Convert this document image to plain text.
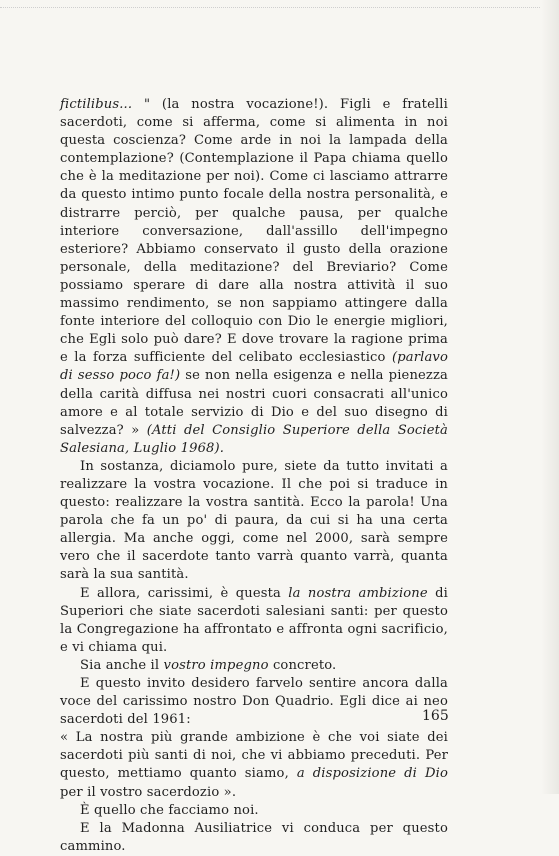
fictilibus... " (la nostra vocazione!). Figli e fratelli sacerdoti, come si afferma, come si alimenta in noi questa coscienza? Come arde in noi la lampada della contemplazione? (Contemplazione il Papa chiama quello che è la meditazione per noi). Come ci lasciamo attrarre da questo intimo punto focale della nostra personalità, e distrarre perciò, per qualche pausa, per qualche interiore conversazione, dall'assillo dell'impegno esteriore? Abbiamo conservato il gusto della orazione personale, della meditazione? del Breviario? Come possiamo sperare di dare alla nostra attività il suo massimo rendimento, se non sappiamo attingere dalla fonte interiore del colloquio con Dio le energie migliori, che Egli solo può dare? E dove trovare la ragione prima e la forza sufficiente del celibato ecclesiastico (parlavo di sesso poco fa!) se non nella esigenza e nella pienezza della carità diffusa nei nostri cuori consacrati all'unico amore e al totale servizio di Dio e del suo disegno di salvezza? » (Atti del Consiglio Superiore della Società Salesiana, Luglio 1968).

In sostanza, diciamolo pure, siete da tutto invitati a realizzare la vostra vocazione. Il che poi si traduce in questo: realizzare la vostra santità. Ecco la parola! Una parola che fa un po' di paura, da cui si ha una certa allergia. Ma anche oggi, come nel 2000, sarà sempre vero che il sacerdote tanto varrà quanto varrà, quanta sarà la sua santità.

E allora, carissimi, è questa la nostra ambizione di Superiori che siate sacerdoti salesiani santi: per questo la Congregazione ha affrontato e affronta ogni sacrificio, e vi chiama qui.

Sia anche il vostro impegno concreto.

E questo invito desidero farvelo sentire ancora dalla voce del carissimo nostro Don Quadrio. Egli dice ai neo sacerdoti del 1961:

« La nostra più grande ambizione è che voi siate dei sacerdoti più santi di noi, che vi abbiamo preceduti. Per questo, mettiamo quanto siamo, a disposizione di Dio per il vostro sacerdozio ».

È quello che facciamo noi.

E la Madonna Ausiliatrice vi conduca per questo cammino.

165
